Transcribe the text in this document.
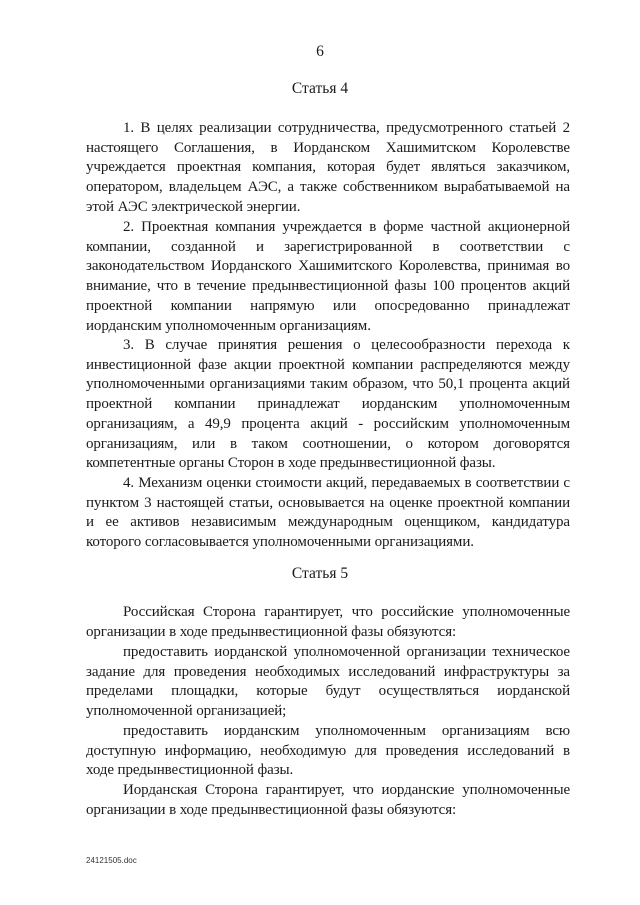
6
Статья 4

1. В целях реализации сотрудничества, предусмотренного статьей 2 настоящего Соглашения, в Иорданском Хашимитском Королевстве учреждается проектная компания, которая будет являться заказчиком, оператором, владельцем АЭС, а также собственником вырабатываемой на этой АЭС электрической энергии.

2. Проектная компания учреждается в форме частной акционерной компании, созданной и зарегистрированной в соответствии с законодательством Иорданского Хашимитского Королевства, принимая во внимание, что в течение предынвестиционной фазы 100 процентов акций проектной компании напрямую или опосредованно принадлежат иорданским уполномоченным организациям.

3. В случае принятия решения о целесообразности перехода к инвестиционной фазе акции проектной компании распределяются между уполномоченными организациями таким образом, что 50,1 процента акций проектной компании принадлежат иорданским уполномоченным организациям, а 49,9 процента акций - российским уполномоченным организациям, или в таком соотношении, о котором договорятся компетентные органы Сторон в ходе предынвестиционной фазы.

4. Механизм оценки стоимости акций, передаваемых в соответствии с пунктом 3 настоящей статьи, основывается на оценке проектной компании и ее активов независимым международным оценщиком, кандидатура которого согласовывается уполномоченными организациями.

Статья 5

Российская Сторона гарантирует, что российские уполномоченные организации в ходе предынвестиционной фазы обязуются:

предоставить иорданской уполномоченной организации техническое задание для проведения необходимых исследований инфраструктуры за пределами площадки, которые будут осуществляться иорданской уполномоченной организацией;

предоставить иорданским уполномоченным организациям всю доступную информацию, необходимую для проведения исследований в ходе предынвестиционной фазы.

Иорданская Сторона гарантирует, что иорданские уполномоченные организации в ходе предынвестиционной фазы обязуются:

24121505.doc
